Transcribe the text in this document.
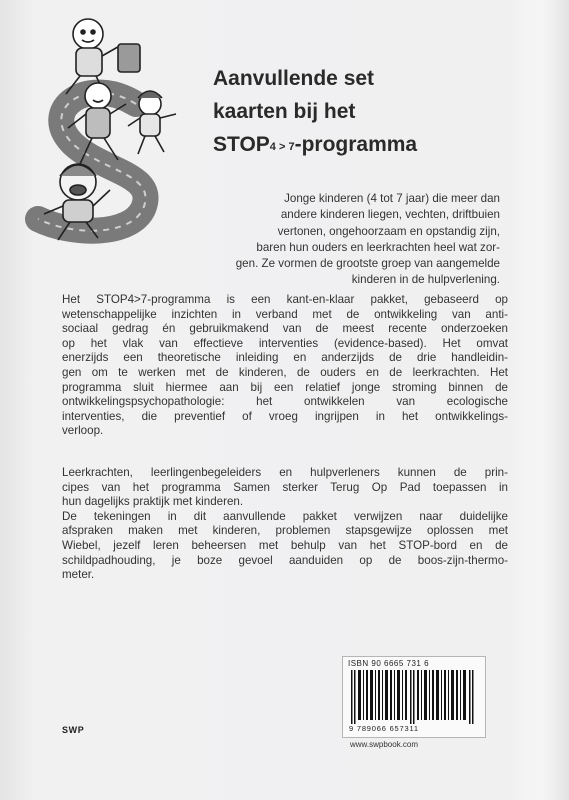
Aanvullende set
kaarten bij het
$STOP_{4 > 7}$-programma
Jonge kinderen (4 tot 7 jaar) die meer dan
andere kinderen liegen, vechten, driftbuien
vertonen, ongehoorzaam en opstandig zijn,
baren hun ouders en leerkrachten heel wat zor-
gen. Ze vormen de grootste groep van aangemelde
kinderen in de hulpverlening.
Het STOP4>7-programma is een kant-en-klaar pakket, gebaseerd op
wetenschappelijke inzichten in verband met de ontwikkeling van anti-
sociaal gedrag én gebruikmakend van de meest recente onderzoeken
op het vlak van effectieve interventies (evidence-based). Het omvat
enerzijds een theoretische inleiding en anderzijds de drie handleidin-
gen om te werken met de kinderen, de ouders en de leerkrachten. Het
programma sluit hiermee aan bij een relatief jonge stroming binnen de
ontwikkelingspsychopathologie: het ontwikkelen van ecologische
interventies, die preventief of vroeg ingrijpen in het ontwikkelings-
verloop.
Leerkrachten, leerlingenbegeleiders en hulpverleners kunnen de prin-
cipes van het programma Samen sterker Terug Op Pad toepassen in
hun dagelijks praktijk met kinderen.
De tekeningen in dit aanvullende pakket verwijzen naar duidelijke
afspraken maken met kinderen, problemen stapsgewijze oplossen met
Wiebel, jezelf leren beheersen met behulp van het STOP-bord en de
schildpadhouding, je boze gevoel aanduiden op de boos-zijn-thermo-
meter.
SWP
ISBN 90 6665 731 6
9 789066 657311
www.swpbook.com
